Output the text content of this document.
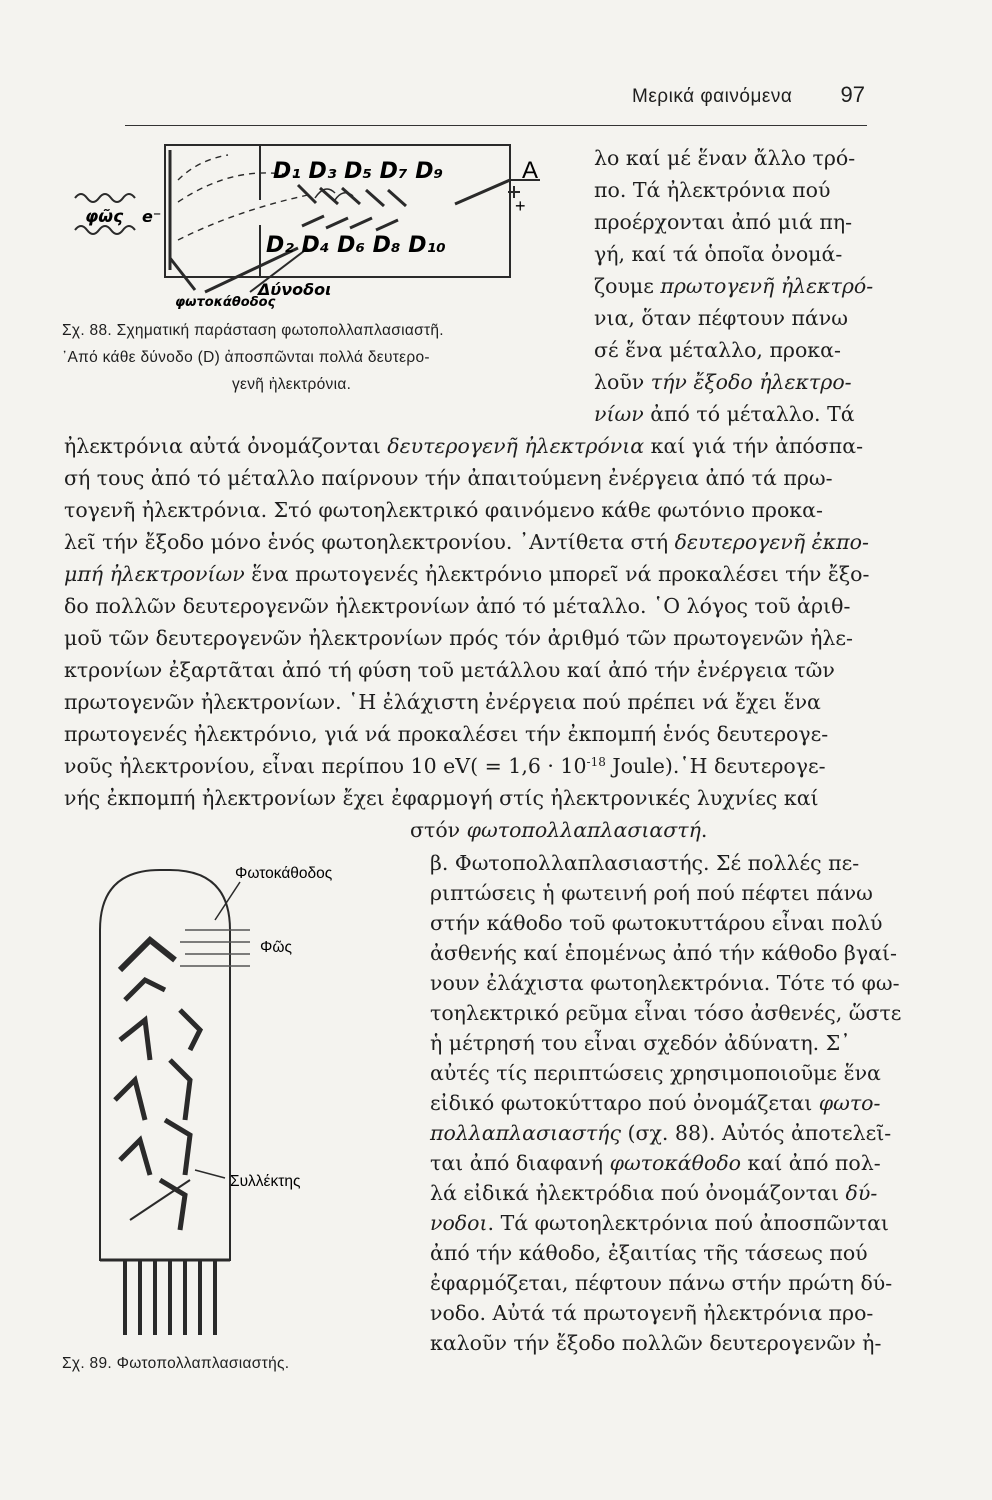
Μερικά φαινόμενα 97
D₁ D₃ D₅ D₇ D₉
D₂ D₄ D₆ D₈ D₁₀
A
+
φῶς e⁻
φωτοκάθοδος
Δύνοδοι
Σχ. 88. Σχηματική παράσταση φωτοπολλαπλασιαστῆ.
᾿Από κάθε δύνοδο (D) ἀποσπῶνται πολλά δευτερο-
γενῆ ἠλεκτρόνια.
λο καί μέ ἕναν ἄλλο τρό-
πο. Τά ἠλεκτρόνια πού
προέρχονται ἀπό μιά πη-
γή, καί τά ὁποῖα ὀνομά-
ζουμε πρωτογενῆ ἠλεκτρό-
νια, ὅταν πέφτουν πάνω
σέ ἕνα μέταλλο, προκα-
λοῦν τήν ἔξοδο ἠλεκτρο-
νίων ἀπό τό μέταλλο. Τά
ἠλεκτρόνια αὐτά ὀνομάζονται δευτερογενῆ ἠλεκτρόνια καί γιά τήν ἀπόσπα-
σή τους ἀπό τό μέταλλο παίρνουν τήν ἀπαιτούμενη ἐνέργεια ἀπό τά πρω-
τογενῆ ἠλεκτρόνια. Στό φωτοηλεκτρικό φαινόμενο κάθε φωτόνιο προκα-
λεῖ τήν ἔξοδο μόνο ἑνός φωτοηλεκτρονίου. ᾿Αντίθετα στή δευτερογενῆ ἐκπο-
μπή ἠλεκτρονίων ἕνα πρωτογενές ἠλεκτρόνιο μπορεῖ νά προκαλέσει τήν ἔξο-
δο πολλῶν δευτερογενῶν ἠλεκτρονίων ἀπό τό μέταλλο. ῾Ο λόγος τοῦ ἀριθ-
μοῦ τῶν δευτερογενῶν ἠλεκτρονίων πρός τόν ἀριθμό τῶν πρωτογενῶν ἠλε-
κτρονίων ἐξαρτᾶται ἀπό τή φύση τοῦ μετάλλου καί ἀπό τήν ἐνέργεια τῶν
πρωτογενῶν ἠλεκτρονίων. ῾Η ἐλάχιστη ἐνέργεια πού πρέπει νά ἔχει ἕνα
πρωτογενές ἠλεκτρόνιο, γιά νά προκαλέσει τήν ἐκπομπή ἑνός δευτερογε-
νοῦς ἠλεκτρονίου, εἶναι περίπου 10 $eV( = 1,6 \cdot 10^{-18}$ Joule).῾Η δευτερογε-
νής ἐκπομπή ἠλεκτρονίων ἔχει ἐφαρμογή στίς ἠλεκτρονικές λυχνίες καί
στόν φωτοπολλαπλασιαστή.
Φωτοκάθοδος
Φῶς
Συλλέκτης
Σχ. 89. Φωτοπολλαπλασιαστής.
β. Φωτοπολλαπλασιαστής. Σέ πολλές πε-
ριπτώσεις ἡ φωτεινή ροή πού πέφτει πάνω
στήν κάθοδο τοῦ φωτοκυττάρου εἶναι πολύ
ἀσθενής καί ἑπομένως ἀπό τήν κάθοδο βγαί-
νουν ἐλάχιστα φωτοηλεκτρόνια. Τότε τό φω-
τοηλεκτρικό ρεῦμα εἶναι τόσο ἀσθενές, ὥστε
ἡ μέτρησή του εἶναι σχεδόν ἀδύνατη. Σ᾿
αὐτές τίς περιπτώσεις χρησιμοποιοῦμε ἕνα
εἰδικό φωτοκύτταρο πού ὀνομάζεται φωτο-
πολλαπλασιαστής (σχ. 88). Αὐτός ἀποτελεῖ-
ται ἀπό διαφανή φωτοκάθοδο καί ἀπό πολ-
λά εἰδικά ἠλεκτρόδια πού ὀνομάζονται δύ-
νοδοι. Τά φωτοηλεκτρόνια πού ἀποσπῶνται
ἀπό τήν κάθοδο, ἐξαιτίας τῆς τάσεως πού
ἐφαρμόζεται, πέφτουν πάνω στήν πρώτη δύ-
νοδο. Αὐτά τά πρωτογενῆ ἠλεκτρόνια προ-
καλοῦν τήν ἔξοδο πολλῶν δευτερογενῶν ἠ-
